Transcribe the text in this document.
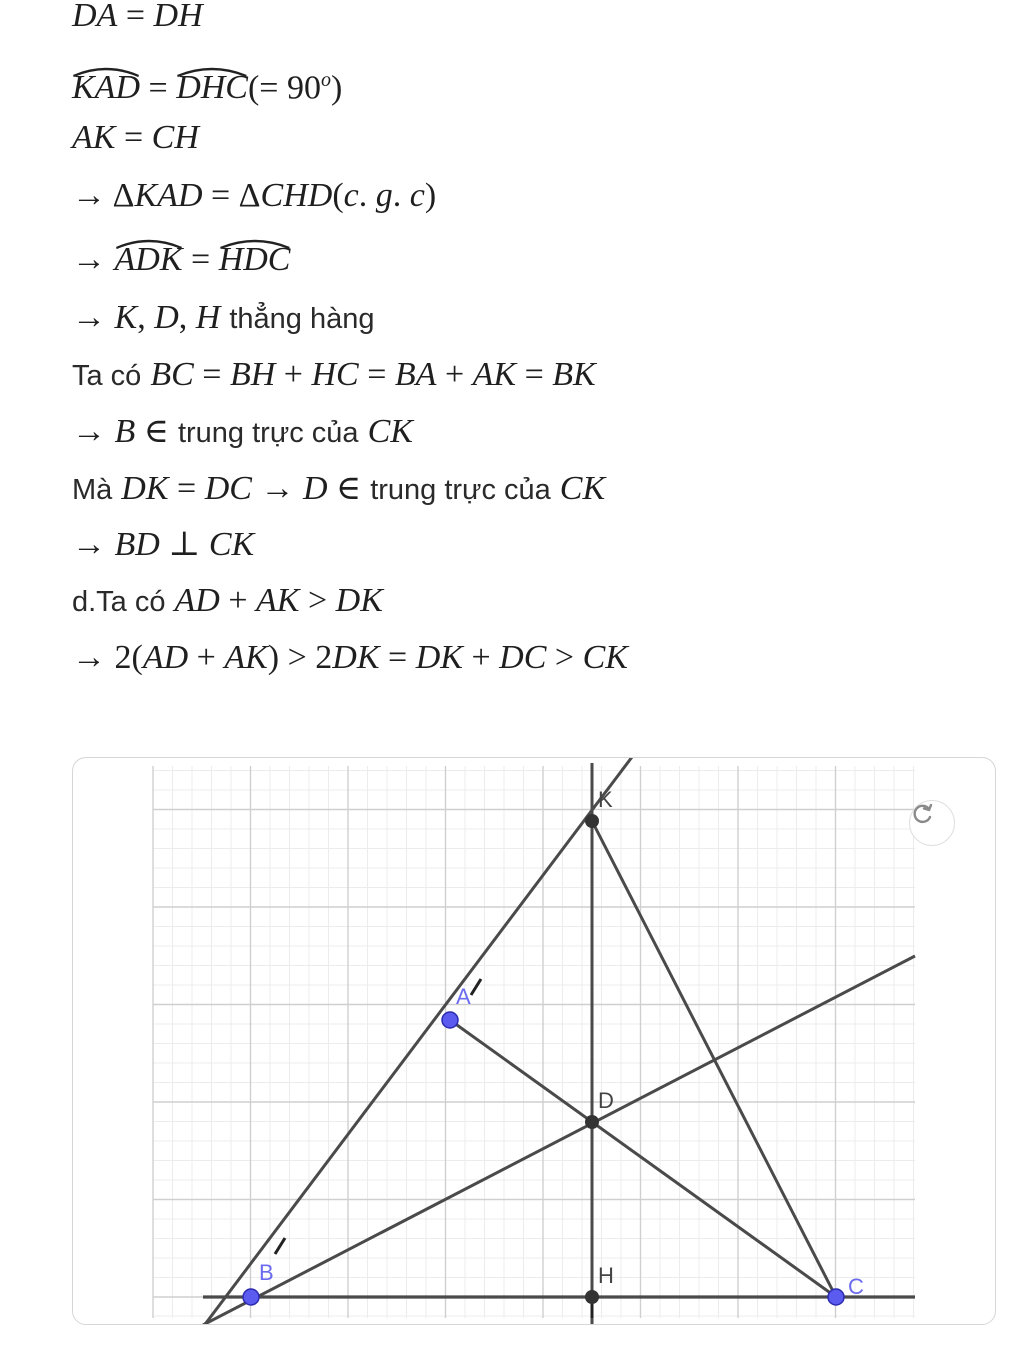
DA = DH
KAD
= DHC
(= $90^o$)
AK = CH
→ ΔKAD = ΔCHD(c. g. c)
→ ADK
= HDC
→ K, D, H thẳng hàng
Ta có BC = BH + HC = BA + AK = BK
→ B ∈ trung trực của CK
Mà DK = DC → D ∈ trung trực của CK
→ BD ⊥ CK
d.Ta có AD + AK > DK
→ 2(AD + AK) > 2DK = DK + DC > CK
K
A
D
B	H	C
